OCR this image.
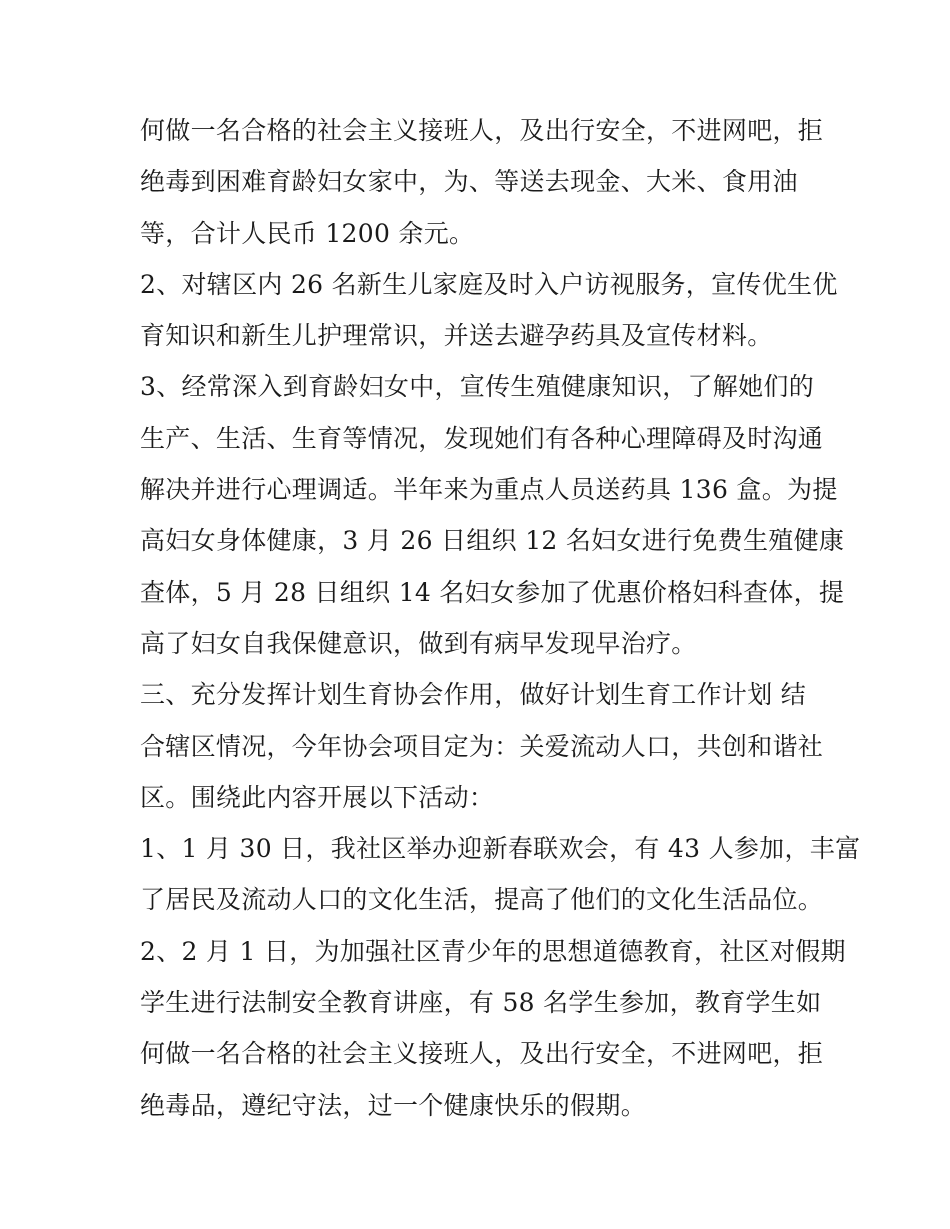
何做一名合格的社会主义接班人，及出行安全，不进网吧，拒
绝毒到困难育龄妇女家中，为、等送去现金、大米、食用油
等，合计人民币 1200 余元。
2、对辖区内 26 名新生儿家庭及时入户访视服务，宣传优生优
育知识和新生儿护理常识，并送去避孕药具及宣传材料。
3、经常深入到育龄妇女中，宣传生殖健康知识，了解她们的
生产、生活、生育等情况，发现她们有各种心理障碍及时沟通
解决并进行心理调适。半年来为重点人员送药具 136 盒。为提
高妇女身体健康，3 月 26 日组织 12 名妇女进行免费生殖健康
查体，5 月 28 日组织 14 名妇女参加了优惠价格妇科查体，提
高了妇女自我保健意识，做到有病早发现早治疗。
三、充分发挥计划生育协会作用，做好计划生育工作计划 结
合辖区情况，今年协会项目定为：关爱流动人口，共创和谐社
区。围绕此内容开展以下活动：
1、1 月 30 日，我社区举办迎新春联欢会，有 43 人参加，丰富
了居民及流动人口的文化生活，提高了他们的文化生活品位。
2、2 月 1 日，为加强社区青少年的思想道德教育，社区对假期
学生进行法制安全教育讲座，有 58 名学生参加，教育学生如
何做一名合格的社会主义接班人，及出行安全，不进网吧，拒
绝毒品，遵纪守法，过一个健康快乐的假期。
